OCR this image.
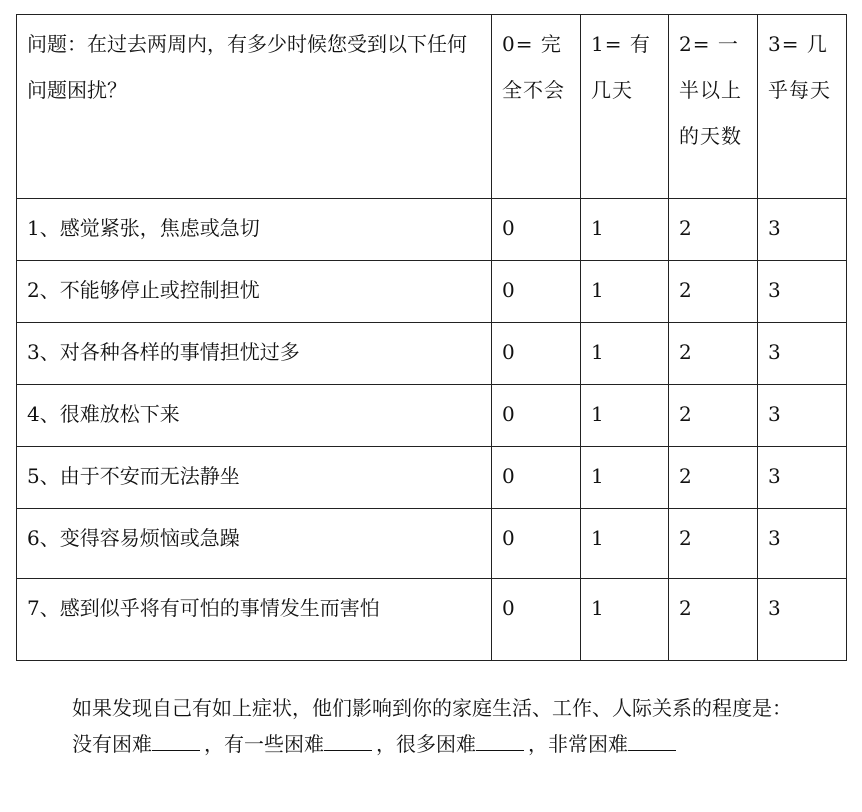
问题：在过去两周内，有多少时候您受到以下任何问题困扰？	0= 完全不会	1= 有几天	2= 一半以上的天数	3= 几乎每天
1、感觉紧张，焦虑或急切	0	1	2	3
2、不能够停止或控制担忧	0	1	2	3
3、对各种各样的事情担忧过多	0	1	2	3
4、很难放松下来	0	1	2	3
5、由于不安而无法静坐	0	1	2	3
6、变得容易烦恼或急躁	0	1	2	3
7、感到似乎将有可怕的事情发生而害怕	0	1	2	3

如果发现自己有如上症状，他们影响到你的家庭生活、工作、人际关系的程度是：

没有困难	，有一些困难	，很多困难	，非常困难
